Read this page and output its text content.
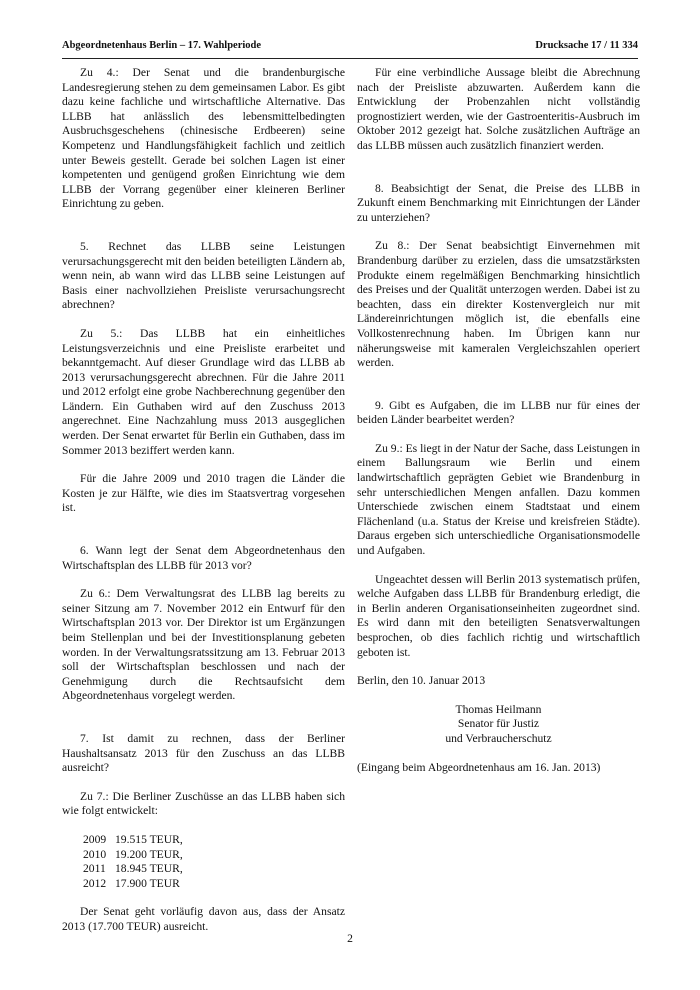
Abgeordnetenhaus Berlin – 17. Wahlperiode	Drucksache 17 / 11 334

Zu 4.: Der Senat und die brandenburgische Landesregierung stehen zu dem gemeinsamen Labor. Es gibt dazu keine fachliche und wirtschaftliche Alternative. Das LLBB hat anlässlich des lebensmittelbedingten Ausbruchsgeschehens (chinesische Erdbeeren) seine Kompetenz und Handlungsfähigkeit fachlich und zeitlich unter Beweis gestellt. Gerade bei solchen Lagen ist einer kompetenten und genügend großen Einrichtung wie dem LLBB der Vorrang gegenüber einer kleineren Berliner Einrichtung zu geben.

5. Rechnet das LLBB seine Leistungen verursachungsgerecht mit den beiden beteiligten Ländern ab, wenn nein, ab wann wird das LLBB seine Leistungen auf Basis einer nachvollziehen Preisliste verursachungsrecht abrechnen?

Zu 5.: Das LLBB hat ein einheitliches Leistungsverzeichnis und eine Preisliste erarbeitet und bekanntgemacht. Auf dieser Grundlage wird das LLBB ab 2013 verursachungsgerecht abrechnen. Für die Jahre 2011 und 2012 erfolgt eine grobe Nachberechnung gegenüber den Ländern. Ein Guthaben wird auf den Zuschuss 2013 angerechnet. Eine Nachzahlung muss 2013 ausgeglichen werden. Der Senat erwartet für Berlin ein Guthaben, dass im Sommer 2013 beziffert werden kann.

Für die Jahre 2009 und 2010 tragen die Länder die Kosten je zur Hälfte, wie dies im Staatsvertrag vorgesehen ist.

6. Wann legt der Senat dem Abgeordnetenhaus den Wirtschaftsplan des LLBB für 2013 vor?

Zu 6.: Dem Verwaltungsrat des LLBB lag bereits zu seiner Sitzung am 7. November 2012 ein Entwurf für den Wirtschaftsplan 2013 vor. Der Direktor ist um Ergänzungen beim Stellenplan und bei der Investitionsplanung gebeten worden. In der Verwaltungsratssitzung am 13. Februar 2013 soll der Wirtschaftsplan beschlossen und nach der Genehmigung durch die Rechtsaufsicht dem Abgeordnetenhaus vorgelegt werden.

7. Ist damit zu rechnen, dass der Berliner Haushaltsansatz 2013 für den Zuschuss an das LLBB ausreicht?

Zu 7.: Die Berliner Zuschüsse an das LLBB haben sich wie folgt entwickelt:

2009 19.515 TEUR,
2010 19.200 TEUR,
2011 18.945 TEUR,
2012 17.900 TEUR

Der Senat geht vorläufig davon aus, dass der Ansatz 2013 (17.700 TEUR) ausreicht.

Für eine verbindliche Aussage bleibt die Abrechnung nach der Preisliste abzuwarten. Außerdem kann die Entwicklung der Probenzahlen nicht vollständig prognostiziert werden, wie der Gastroenteritis-Ausbruch im Oktober 2012 gezeigt hat. Solche zusätzlichen Aufträge an das LLBB müssen auch zusätzlich finanziert werden.

8. Beabsichtigt der Senat, die Preise des LLBB in Zukunft einem Benchmarking mit Einrichtungen der Länder zu unterziehen?

Zu 8.: Der Senat beabsichtigt Einvernehmen mit Brandenburg darüber zu erzielen, dass die umsatzstärksten Produkte einem regelmäßigen Benchmarking hinsichtlich des Preises und der Qualität unterzogen werden. Dabei ist zu beachten, dass ein direkter Kostenvergleich nur mit Ländereinrichtungen möglich ist, die ebenfalls eine Vollkostenrechnung haben. Im Übrigen kann nur näherungsweise mit kameralen Vergleichszahlen operiert werden.

9. Gibt es Aufgaben, die im LLBB nur für eines der beiden Länder bearbeitet werden?

Zu 9.: Es liegt in der Natur der Sache, dass Leistungen in einem Ballungsraum wie Berlin und einem landwirtschaftlich geprägten Gebiet wie Brandenburg in sehr unterschiedlichen Mengen anfallen. Dazu kommen Unterschiede zwischen einem Stadtstaat und einem Flächenland (u.a. Status der Kreise und kreisfreien Städte). Daraus ergeben sich unterschiedliche Organisationsmodelle und Aufgaben.

Ungeachtet dessen will Berlin 2013 systematisch prüfen, welche Aufgaben dass LLBB für Brandenburg erledigt, die in Berlin anderen Organisationseinheiten zugeordnet sind. Es wird dann mit den beteiligten Senatsverwaltungen besprochen, ob dies fachlich richtig und wirtschaftlich geboten ist.

Berlin, den 10. Januar 2013

Thomas Heilmann

Senator für Justiz

und Verbraucherschutz

(Eingang beim Abgeordnetenhaus am 16. Jan. 2013)

2
